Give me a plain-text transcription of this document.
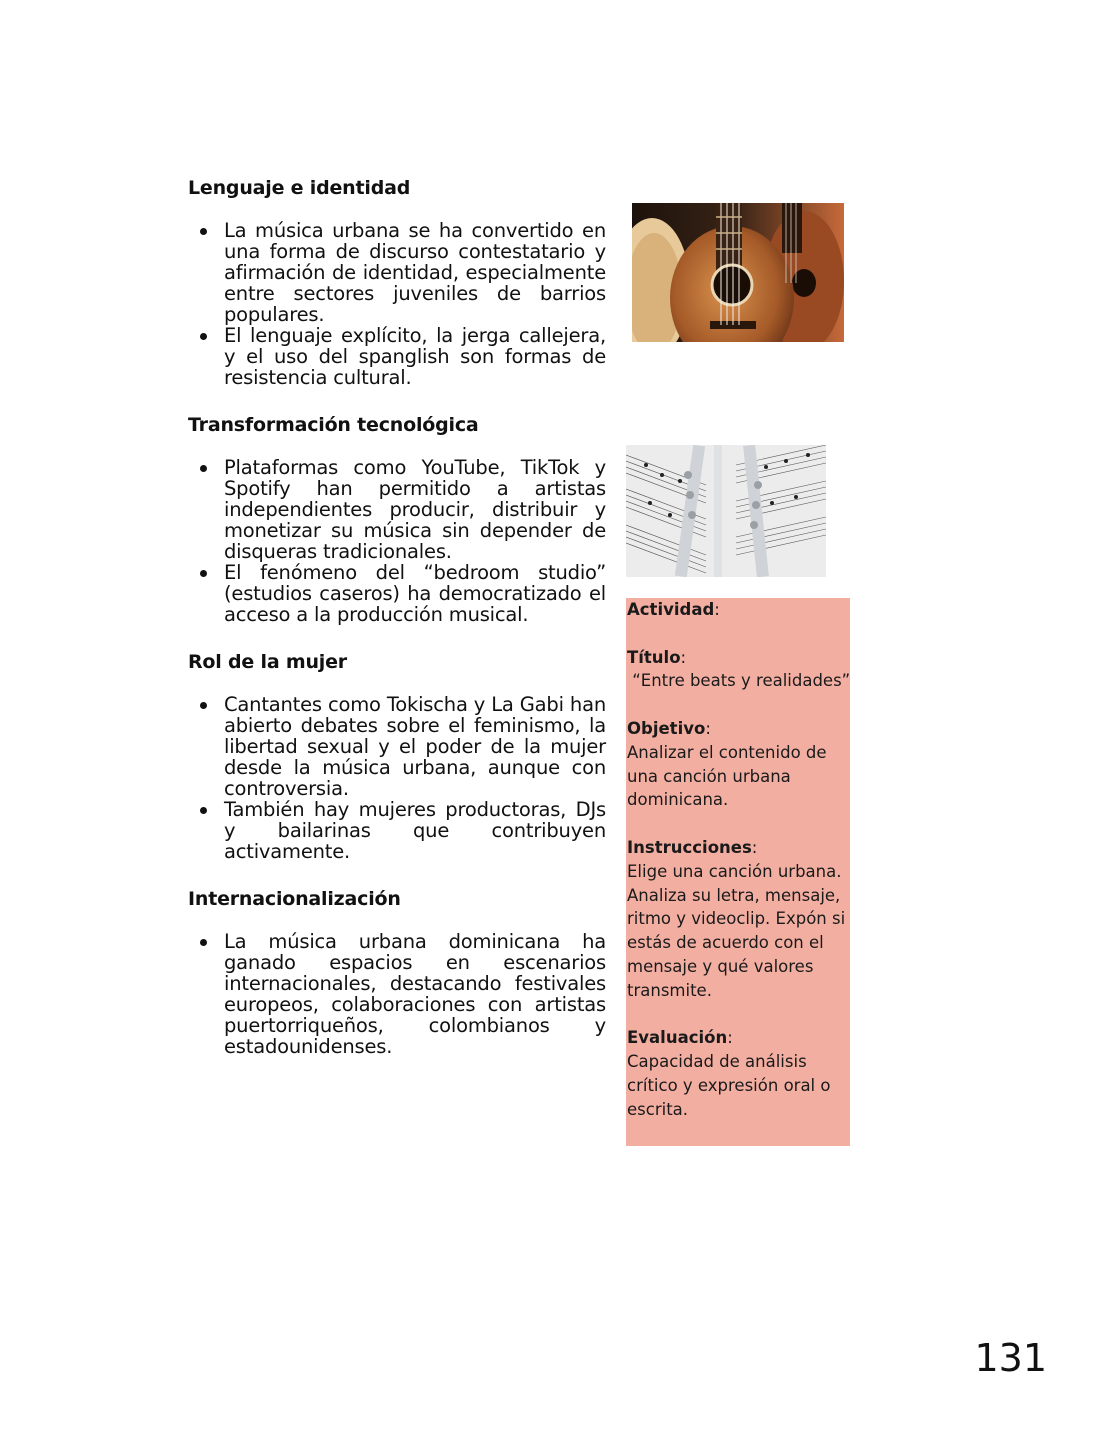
Lenguaje e identidad
La música urbana se ha convertido en una forma de discurso contestatario y afirmación de identidad, especialmente entre sectores juveniles de barrios populares.
El lenguaje explícito, la jerga callejera, y el uso del spanglish son formas de resistencia cultural.
Transformación tecnológica
Plataformas como YouTube, TikTok y Spotify han permitido a artistas independientes producir, distribuir y monetizar su música sin depender de disqueras tradicionales.
El fenómeno del “bedroom studio” (estudios caseros) ha democratizado el acceso a la producción musical.
Rol de la mujer
Cantantes como Tokischa y La Gabi han abierto debates sobre el feminismo, la libertad sexual y el poder de la mujer desde la música urbana, aunque con controversia.
También hay mujeres productoras, DJs y bailarinas que contribuyen activamente.
Internacionalización
La música urbana dominicana ha ganado espacios en escenarios internacionales, destacando festivales europeos, colaboraciones con artistas puertorriqueños, colombianos y estadounidenses.

Actividad:

Título:

“Entre beats y realidades”

Objetivo:

Analizar el contenido de una canción urbana dominicana.

Instrucciones:

Elige una canción urbana. Analiza su letra, mensaje, ritmo y videoclip. Expón si estás de acuerdo con el mensaje y qué valores transmite.

Evaluación:

Capacidad de análisis crítico y expresión oral o escrita.

131
